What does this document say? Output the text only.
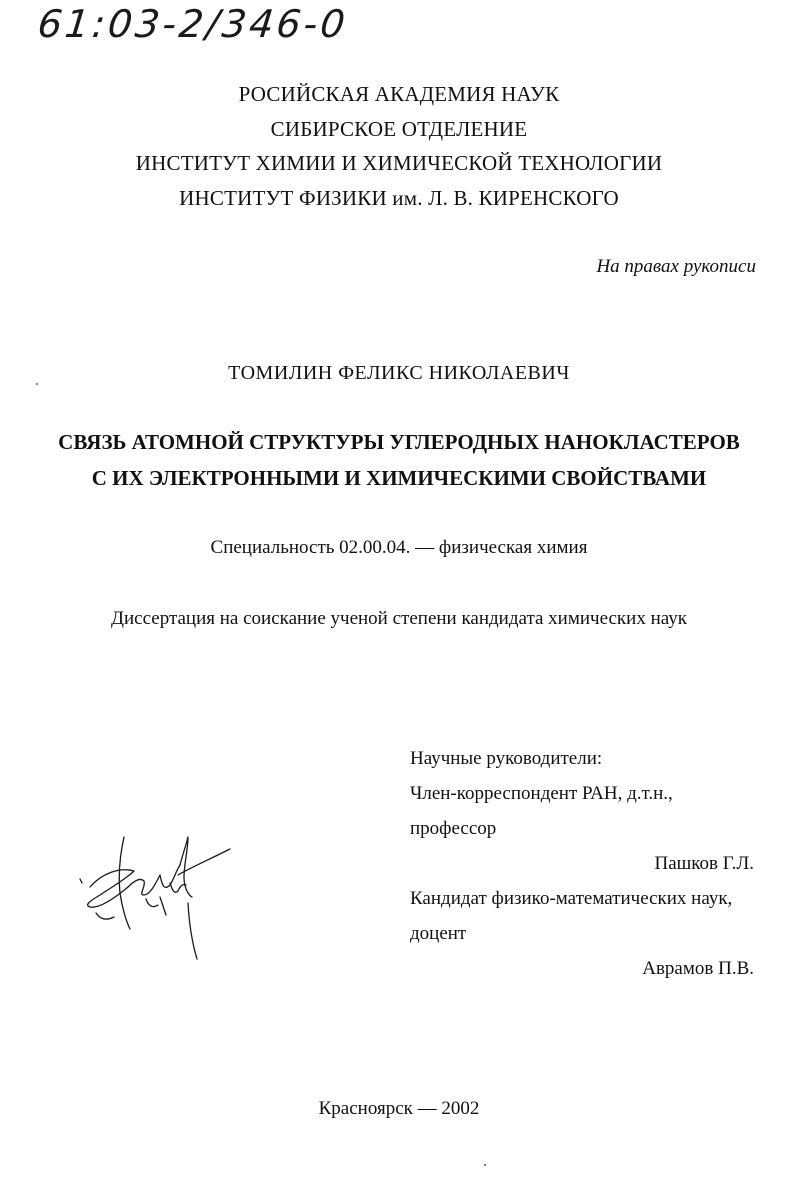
61:03-2/346-0
РОСИЙСКАЯ АКАДЕМИЯ НАУК
СИБИРСКОЕ ОТДЕЛЕНИЕ
ИНСТИТУТ ХИМИИ И ХИМИЧЕСКОЙ ТЕХНОЛОГИИ
ИНСТИТУТ ФИЗИКИ им. Л. В. КИРЕНСКОГО
На правах рукописи
ТОМИЛИН ФЕЛИКС НИКОЛАЕВИЧ
СВЯЗЬ АТОМНОЙ СТРУКТУРЫ УГЛЕРОДНЫХ НАНОКЛАСТЕРОВ
С ИХ ЭЛЕКТРОННЫМИ И ХИМИЧЕСКИМИ СВОЙСТВАМИ
Специальность 02.00.04. — физическая химия
Диссертация на соискание ученой степени кандидата химических наук
Научные руководители:
Член-корреспондент РАН, д.т.н.,
профессор
Пашков Г.Л.
Кандидат физико-математических наук,
доцент
Аврамов П.В.
Красноярск — 2002
